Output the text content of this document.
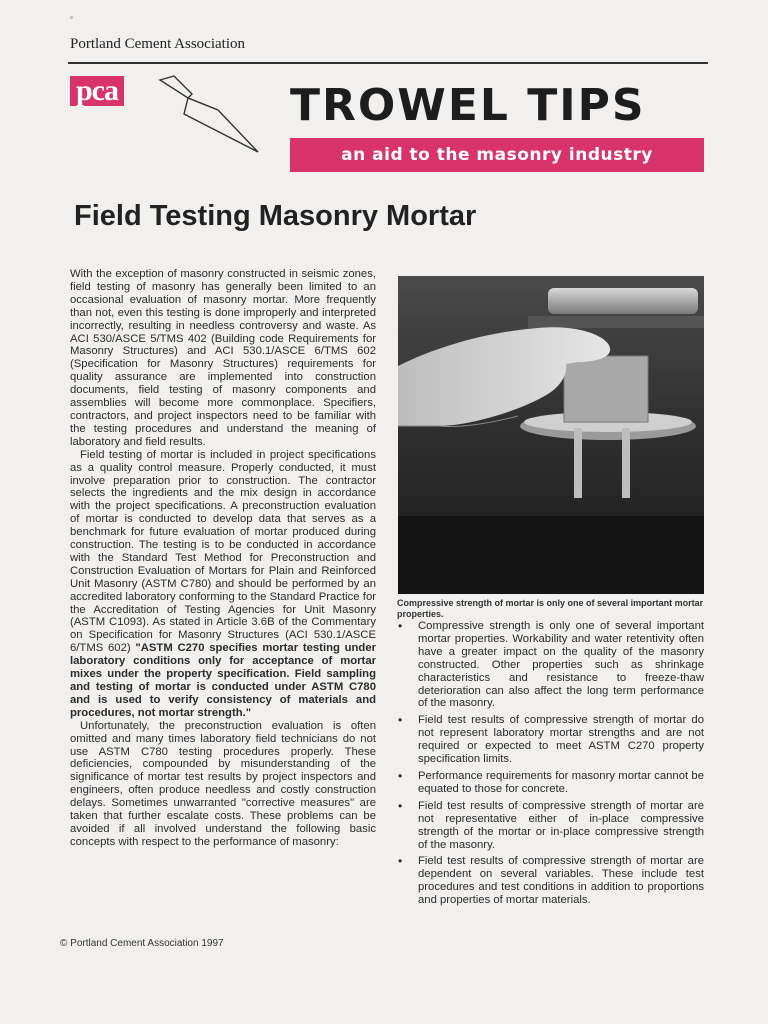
Portland Cement Association
pca	TROWEL TIPS
an aid to the masonry industry
Field Testing Masonry Mortar

With the exception of masonry constructed in seismic zones, field testing of masonry has generally been limited to an occasional evaluation of masonry mortar. More frequently than not, even this testing is done improperly and interpreted incorrectly, resulting in needless controversy and waste. As ACI 530/ASCE 5/TMS 402 (Building code Requirements for Masonry Structures) and ACI 530.1/ASCE 6/TMS 602 (Specification for Masonry Structures) requirements for quality assurance are implemented into construction documents, field testing of masonry components and assemblies will become more commonplace. Specifiers, contractors, and project inspectors need to be familiar with the testing procedures and understand the meaning of laboratory and field results.

Field testing of mortar is included in project specifications as a quality control measure. Properly conducted, it must involve preparation prior to construction. The contractor selects the ingredients and the mix design in accordance with the project specifications. A preconstruction evaluation of mortar is conducted to develop data that serves as a benchmark for future evaluation of mortar produced during construction. The testing is to be conducted in accordance with the Standard Test Method for Preconstruction and Construction Evaluation of Mortars for Plain and Reinforced Unit Masonry (ASTM C780) and should be performed by an accredited laboratory conforming to the Standard Practice for the Accreditation of Testing Agencies for Unit Masonry (ASTM C1093). As stated in Article 3.6B of the Commentary on Specification for Masonry Structures (ACI 530.1/ASCE 6/TMS 602) "ASTM C270 specifies mortar testing under laboratory conditions only for acceptance of mortar mixes under the property specification. Field sampling and testing of mortar is conducted under ASTM C780 and is used to verify consistency of materials and procedures, not mortar strength."

Unfortunately, the preconstruction evaluation is often omitted and many times laboratory field technicians do not use ASTM C780 testing procedures properly. These deficiencies, compounded by misunderstanding of the significance of mortar test results by project inspectors and engineers, often produce needless and costly construction delays. Sometimes unwarranted "corrective measures" are taken that further escalate costs. These problems can be avoided if all involved understand the following basic concepts with respect to the performance of masonry:

Compressive strength of mortar is only one of several important mortar properties.
• Compressive strength is only one of several important mortar properties. Workability and water retentivity often have a greater impact on the quality of the masonry constructed. Other properties such as shrinkage characteristics and resistance to freeze-thaw deterioration can also affect the long term performance of the masonry.
• Field test results of compressive strength of mortar do not represent laboratory mortar strengths and are not required or expected to meet ASTM C270 property specification limits.
• Performance requirements for masonry mortar cannot be equated to those for concrete.
• Field test results of compressive strength of mortar are not representative either of in-place compressive strength of the mortar or in-place compressive strength of the masonry.
• Field test results of compressive strength of mortar are dependent on several variables. These include test procedures and test conditions in addition to proportions and properties of mortar materials.
© Portland Cement Association 1997
